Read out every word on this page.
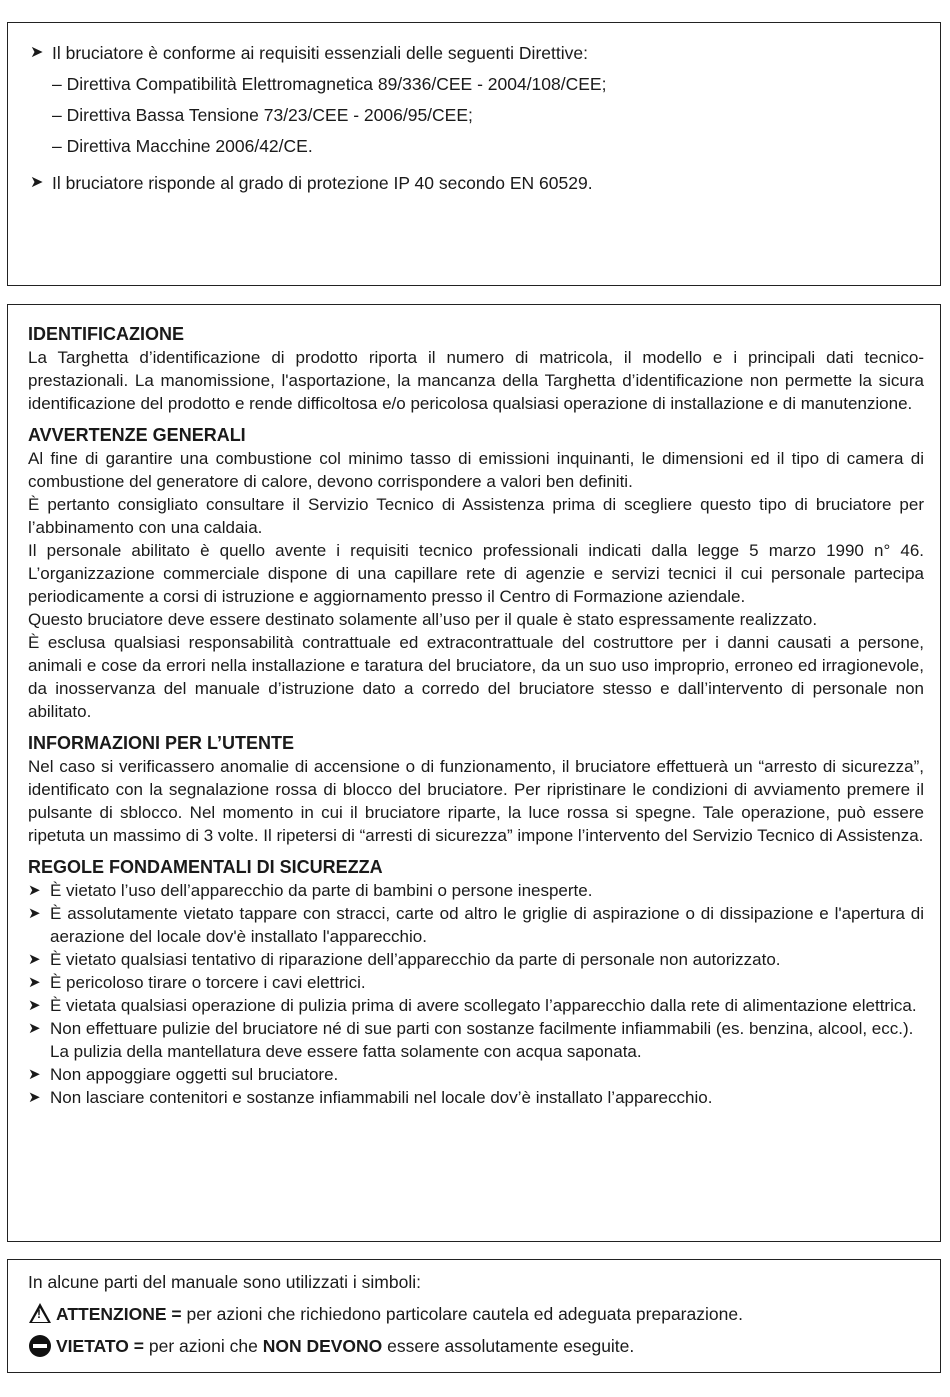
➤ Il bruciatore è conforme ai requisiti essenziali delle seguenti Direttive:
– Direttiva Compatibilità Elettromagnetica 89/336/CEE - 2004/108/CEE;
– Direttiva Bassa Tensione 73/23/CEE - 2006/95/CEE;
– Direttiva Macchine 2006/42/CE.
➤ Il bruciatore risponde al grado di protezione IP 40 secondo EN 60529.
IDENTIFICAZIONE

La Targhetta d’identificazione di prodotto riporta il numero di matricola, il modello e i principali dati tecnico-prestazionali. La manomissione, l'asportazione, la mancanza della Targhetta d’identificazione non permette la sicura identificazione del prodotto e rende difficoltosa e/o pericolosa qualsiasi operazione di installazione e di manutenzione.

AVVERTENZE GENERALI

Al fine di garantire una combustione col minimo tasso di emissioni inquinanti, le dimensioni ed il tipo di camera di combustione del generatore di calore, devono corrispondere a valori ben definiti.

È pertanto consigliato consultare il Servizio Tecnico di Assistenza prima di scegliere questo tipo di bruciatore per l’abbinamento con una caldaia.

Il personale abilitato è quello avente i requisiti tecnico professionali indicati dalla legge 5 marzo 1990 n° 46. L’organizzazione commerciale dispone di una capillare rete di agenzie e servizi tecnici il cui personale partecipa periodicamente a corsi di istruzione e aggiornamento presso il Centro di Formazione aziendale.

Questo bruciatore deve essere destinato solamente all’uso per il quale è stato espressamente realizzato.

È esclusa qualsiasi responsabilità contrattuale ed extracontrattuale del costruttore per i danni causati a persone, animali e cose da errori nella installazione e taratura del bruciatore, da un suo uso improprio, erroneo ed irragionevole, da inosservanza del manuale d’istruzione dato a corredo del bruciatore stesso e dall’intervento di personale non abilitato.

INFORMAZIONI PER L’UTENTE

Nel caso si verificassero anomalie di accensione o di funzionamento, il bruciatore effettuerà un “arresto di sicurezza”, identificato con la segnalazione rossa di blocco del bruciatore. Per ripristinare le condizioni di avviamento premere il pulsante di sblocco. Nel momento in cui il bruciatore riparte, la luce rossa si spegne. Tale operazione, può essere ripetuta un massimo di 3 volte. Il ripetersi di “arresti di sicurezza” impone l’intervento del Servizio Tecnico di Assistenza.

REGOLE FONDAMENTALI DI SICUREZZA
➤ È vietato l’uso dell’apparecchio da parte di bambini o persone inesperte.
➤ È assolutamente vietato tappare con stracci, carte od altro le griglie di aspirazione o di dissipazione e l'apertura di aerazione del locale dov'è installato l'apparecchio.
➤ È vietato qualsiasi tentativo di riparazione dell’apparecchio da parte di personale non autorizzato.
➤ È pericoloso tirare o torcere i cavi elettrici.
➤ È vietata qualsiasi operazione di pulizia prima di avere scollegato l’apparecchio dalla rete di alimentazione elettrica.
➤ Non effettuare pulizie del bruciatore né di sue parti con sostanze facilmente infiammabili (es. benzina, alcool, ecc.).
La pulizia della mantellatura deve essere fatta solamente con acqua saponata.
➤ Non appoggiare oggetti sul bruciatore.
➤ Non lasciare contenitori e sostanze infiammabili nel locale dov’è installato l’apparecchio.
In alcune parti del manuale sono utilizzati i simboli:
! ATTENZIONE = per azioni che richiedono particolare cautela ed adeguata preparazione.
VIETATO = per azioni che NON DEVONO essere assolutamente eseguite.
